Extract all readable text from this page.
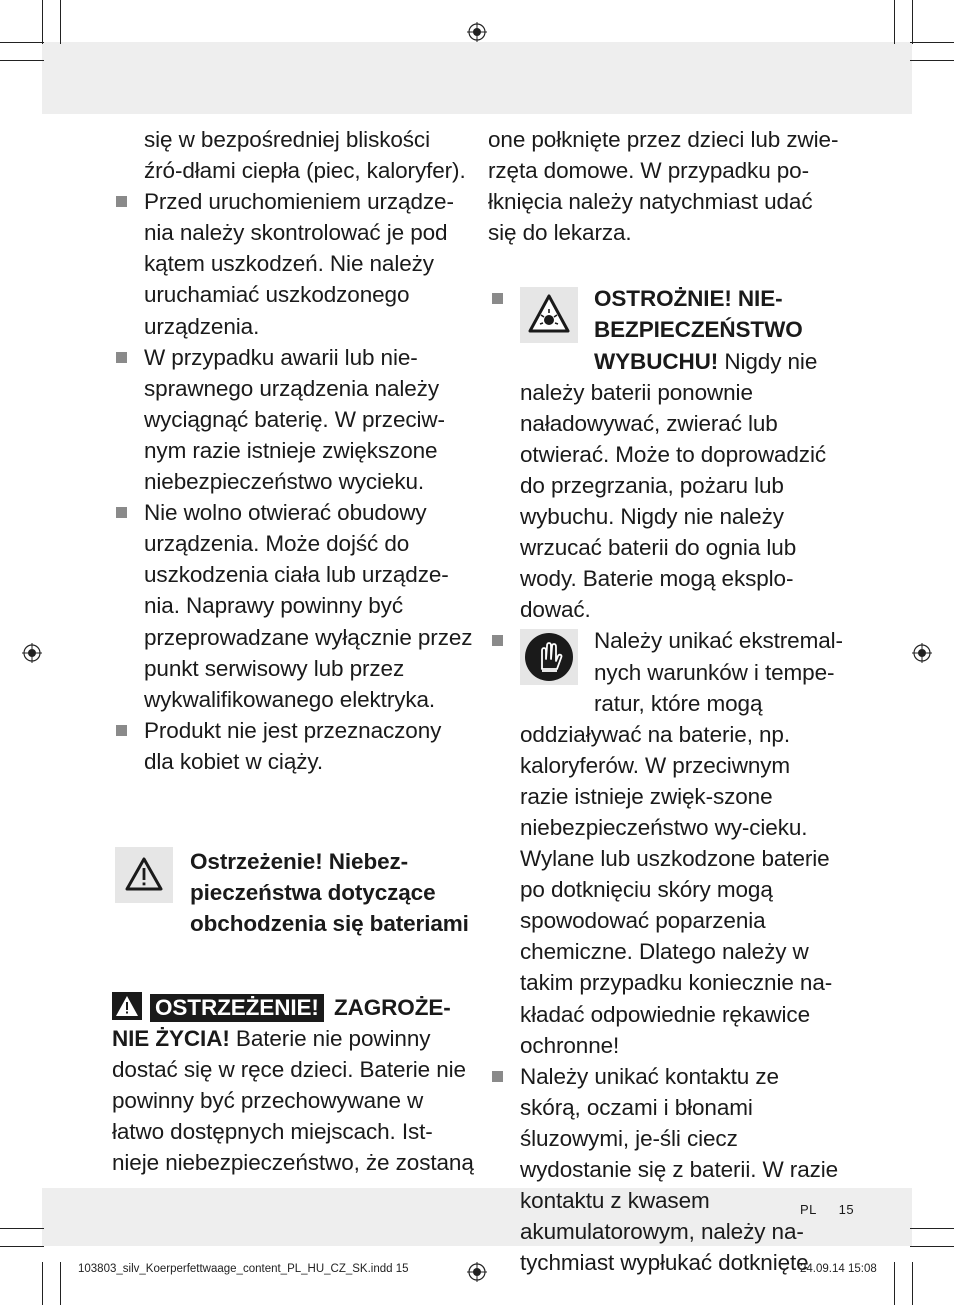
się w bezpośredniej bliskości źró-dłami ciepła (piec, kaloryfer).

Przed uruchomieniem urządze-nia należy skontrolować je pod kątem uszkodzeń. Nie należy uruchamiać uszkodzonego urządzenia.
W przypadku awarii lub nie-sprawnego urządzenia należy wyciągnąć baterię. W przeciw-nym razie istnieje zwiększone niebezpieczeństwo wycieku.
Nie wolno otwierać obudowy urządzenia. Może dojść do uszkodzenia ciała lub urządze-nia. Naprawy powinny być przeprowadzane wyłącznie przez punkt serwisowy lub przez wykwalifikowanego elektryka.
Produkt nie jest przeznaczony dla kobiet w ciąży.
Ostrzeżenie! Niebez-pieczeństwa dotyczące obchodzenia się bateriami

OSTRZEŻENIE! ZAGROŻE-NIE ŻYCIA! Baterie nie powinny dostać się w ręce dzieci. Baterie nie powinny być przechowywane w łatwo dostępnych miejscach. Ist-nieje niebezpieczeństwo, że zostaną

one połknięte przez dzieci lub zwie-rzęta domowe. W przypadku po-łknięcia należy natychmiast udać się do lekarza.

OSTROŻNIE! NIE-BEZPIECZEŃSTWO WYBUCHU! Nigdy nie należy baterii ponownie naładowywać, zwierać lub otwierać. Może to doprowadzić do przegrzania, pożaru lub wybuchu. Nigdy nie należy wrzucać baterii do ognia lub wody. Baterie mogą eksplo-dować.
Należy unikać ekstremal-nych warunków i tempe-ratur, które mogą oddziaływać na baterie, np. kaloryferów. W przeciwnym razie istnieje zwięk-szone niebezpieczeństwo wy-cieku. Wylane lub uszkodzone baterie po dotknięciu skóry mogą spowodować poparzenia chemiczne. Dlatego należy w takim przypadku koniecznie na-kładać odpowiednie rękawice ochronne!
Należy unikać kontaktu ze skórą, oczami i błonami śluzowymi, je-śli ciecz wydostanie się z baterii. W razie kontaktu z kwasem akumulatorowym, należy na-tychmiast wypłukać dotknięte
PL 15
103803_silv_Koerperfettwaage_content_PL_HU_CZ_SK.indd 15	24.09.14 15:08
